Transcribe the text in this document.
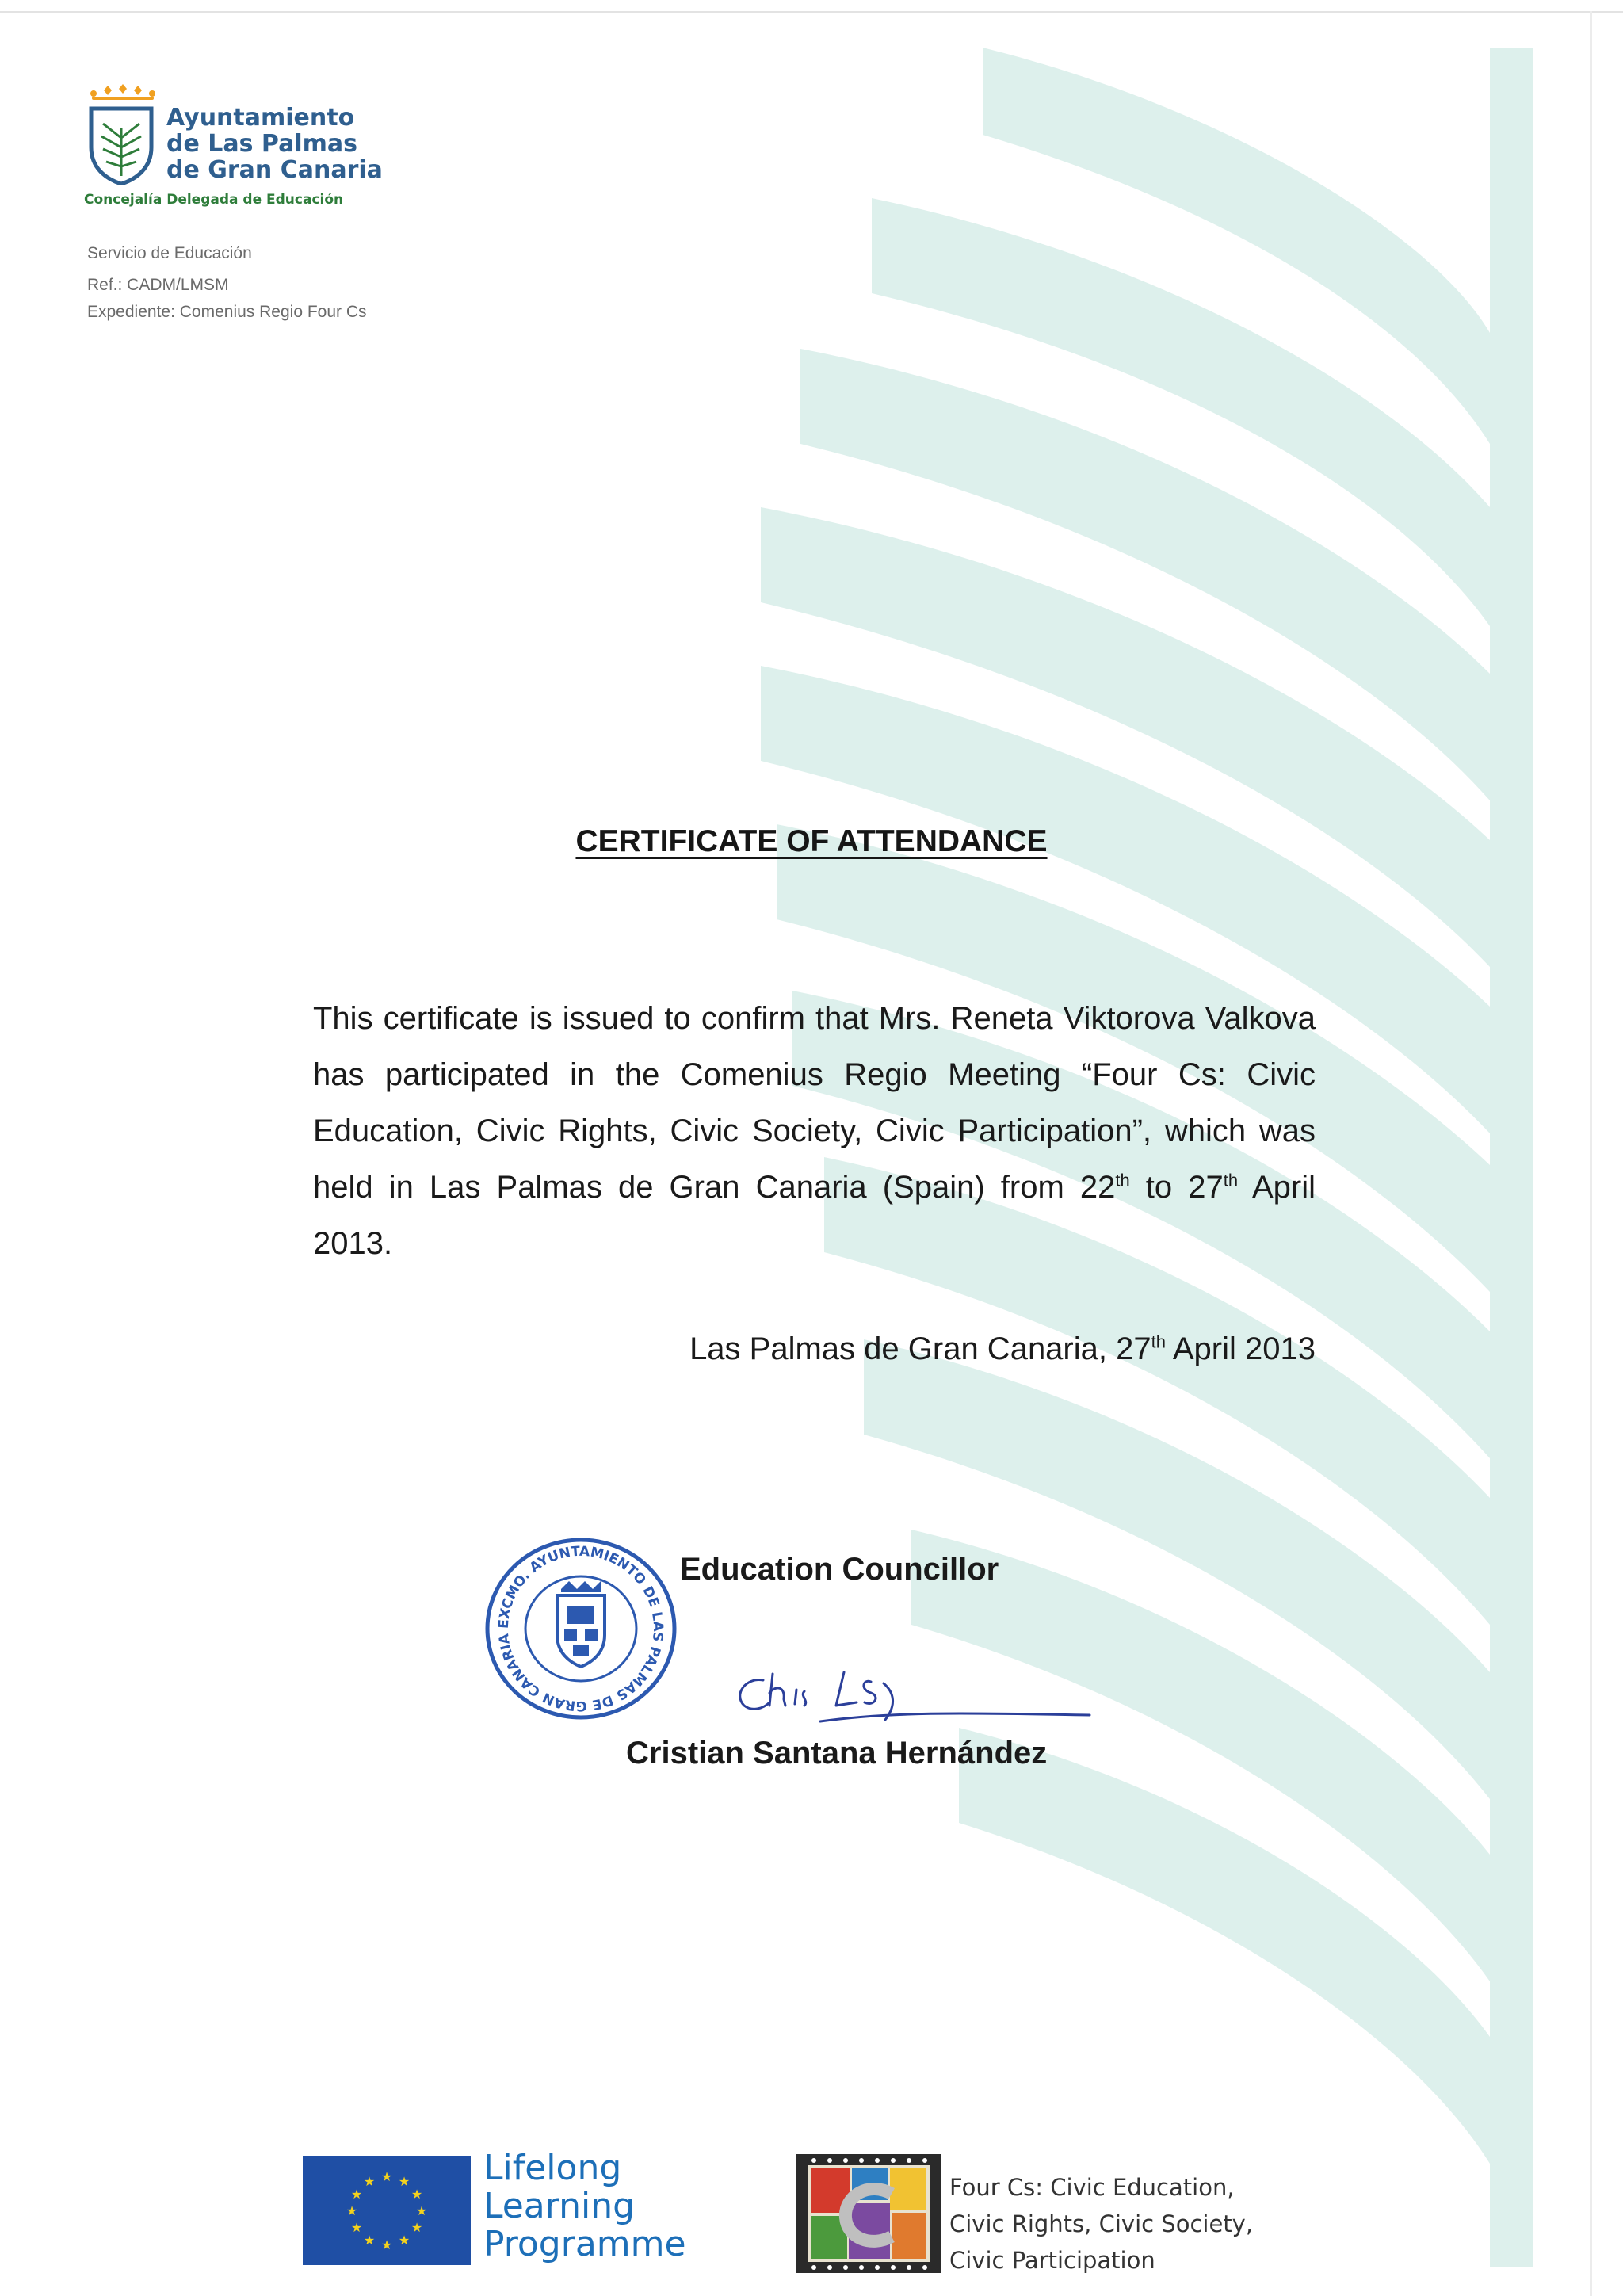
Ayuntamiento
de Las Palmas
de Gran Canaria
Concejalía Delegada de Educación
Servicio de Educación
Ref.: CADM/LMSM
Expediente: Comenius Regio Four Cs
CERTIFICATE OF ATTENDANCE
This certificate is issued to confirm that Mrs. Reneta Viktorova Valkova has participated in the Comenius Regio Meeting “Four Cs: Civic Education, Civic Rights, Civic Society, Civic Participation”, which was held in Las Palmas de Gran Canaria (Spain) from 22th to 27th April 2013.
Las Palmas de Gran Canaria, 27th April 2013
EXCMO. AYUNTAMIENTO DE LAS PALMAS DE GRAN CANARIA
Education Councillor
Cristian Santana Hernández
★ ★
★
★
★
★
★
★
★
★
★
★	Lifelong
Learning
Programme
Four Cs: Civic Education,
Civic Rights, Civic Society,
Civic Participation
